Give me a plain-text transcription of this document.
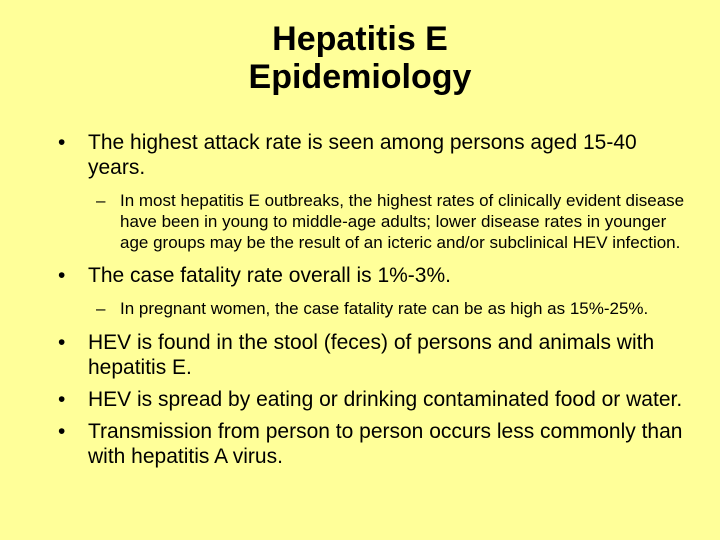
Hepatitis E
Epidemiology
• The highest attack rate is seen among persons aged 15-40 years.
– In most hepatitis E outbreaks, the highest rates of clinically evident disease have been in young to middle-age adults; lower disease rates in younger age groups may be the result of an icteric and/or subclinical HEV infection.
• The case fatality rate overall is 1%-3%.
– In pregnant women, the case fatality rate can be as high as 15%-25%.
• HEV is found in the stool (feces) of persons and animals with hepatitis E.
• HEV is spread by eating or drinking contaminated food or water.
• Transmission from person to person occurs less commonly than with hepatitis A virus.
